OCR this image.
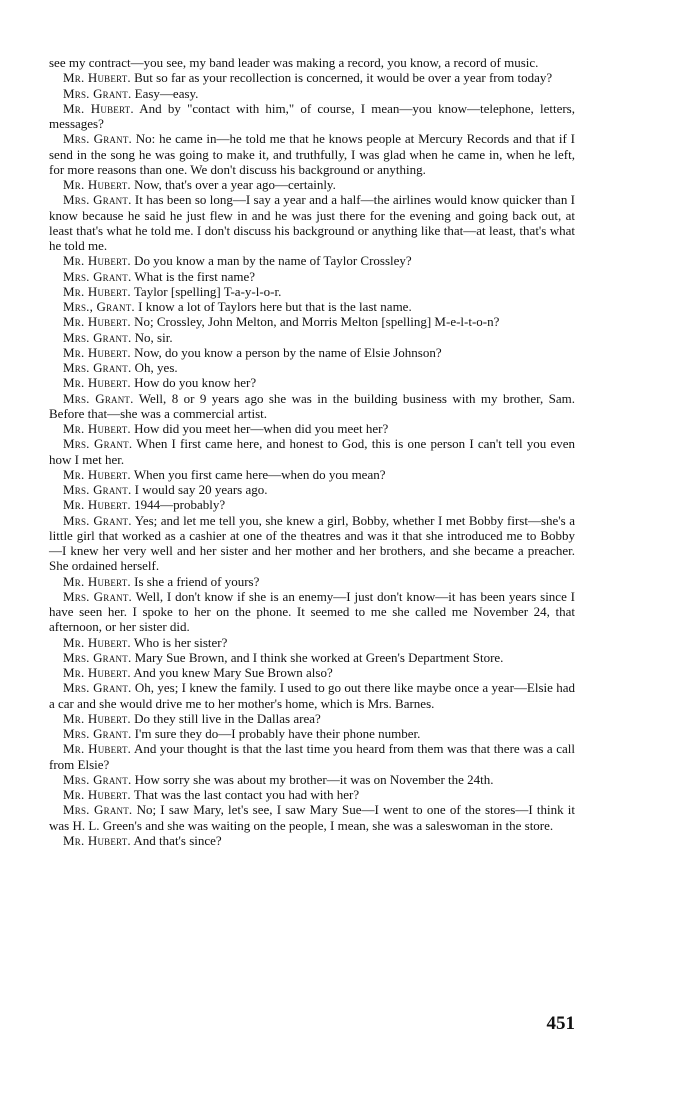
see my contract—you see, my band leader was making a record, you know, a record of music.

Mr. Hubert. But so far as your recollection is concerned, it would be over a year from today?

Mrs. Grant. Easy—easy.

Mr. Hubert. And by "contact with him," of course, I mean—you know—telephone, letters, messages?

Mrs. Grant. No: he came in—he told me that he knows people at Mercury Records and that if I send in the song he was going to make it, and truthfully, I was glad when he came in, when he left, for more reasons than one. We don't discuss his background or anything.

Mr. Hubert. Now, that's over a year ago—certainly.

Mrs. Grant. It has been so long—I say a year and a half—the airlines would know quicker than I know because he said he just flew in and he was just there for the evening and going back out, at least that's what he told me. I don't discuss his background or anything like that—at least, that's what he told me.

Mr. Hubert. Do you know a man by the name of Taylor Crossley?

Mrs. Grant. What is the first name?

Mr. Hubert. Taylor [spelling] T-a-y-l-o-r.

Mrs., Grant. I know a lot of Taylors here but that is the last name.

Mr. Hubert. No; Crossley, John Melton, and Morris Melton [spelling] M-e-l-t-o-n?

Mrs. Grant. No, sir.

Mr. Hubert. Now, do you know a person by the name of Elsie Johnson?

Mrs. Grant. Oh, yes.

Mr. Hubert. How do you know her?

Mrs. Grant. Well, 8 or 9 years ago she was in the building business with my brother, Sam. Before that—she was a commercial artist.

Mr. Hubert. How did you meet her—when did you meet her?

Mrs. Grant. When I first came here, and honest to God, this is one person I can't tell you even how I met her.

Mr. Hubert. When you first came here—when do you mean?

Mrs. Grant. I would say 20 years ago.

Mr. Hubert. 1944—probably?

Mrs. Grant. Yes; and let me tell you, she knew a girl, Bobby, whether I met Bobby first—she's a little girl that worked as a cashier at one of the theatres and was it that she introduced me to Bobby—I knew her very well and her sister and her mother and her brothers, and she became a preacher. She ordained herself.

Mr. Hubert. Is she a friend of yours?

Mrs. Grant. Well, I don't know if she is an enemy—I just don't know—it has been years since I have seen her. I spoke to her on the phone. It seemed to me she called me November 24, that afternoon, or her sister did.

Mr. Hubert. Who is her sister?

Mrs. Grant. Mary Sue Brown, and I think she worked at Green's Department Store.

Mr. Hubert. And you knew Mary Sue Brown also?

Mrs. Grant. Oh, yes; I knew the family. I used to go out there like maybe once a year—Elsie had a car and she would drive me to her mother's home, which is Mrs. Barnes.

Mr. Hubert. Do they still live in the Dallas area?

Mrs. Grant. I'm sure they do—I probably have their phone number.

Mr. Hubert. And your thought is that the last time you heard from them was that there was a call from Elsie?

Mrs. Grant. How sorry she was about my brother—it was on November the 24th.

Mr. Hubert. That was the last contact you had with her?

Mrs. Grant. No; I saw Mary, let's see, I saw Mary Sue—I went to one of the stores—I think it was H. L. Green's and she was waiting on the people, I mean, she was a saleswoman in the store.

Mr. Hubert. And that's since?

451
